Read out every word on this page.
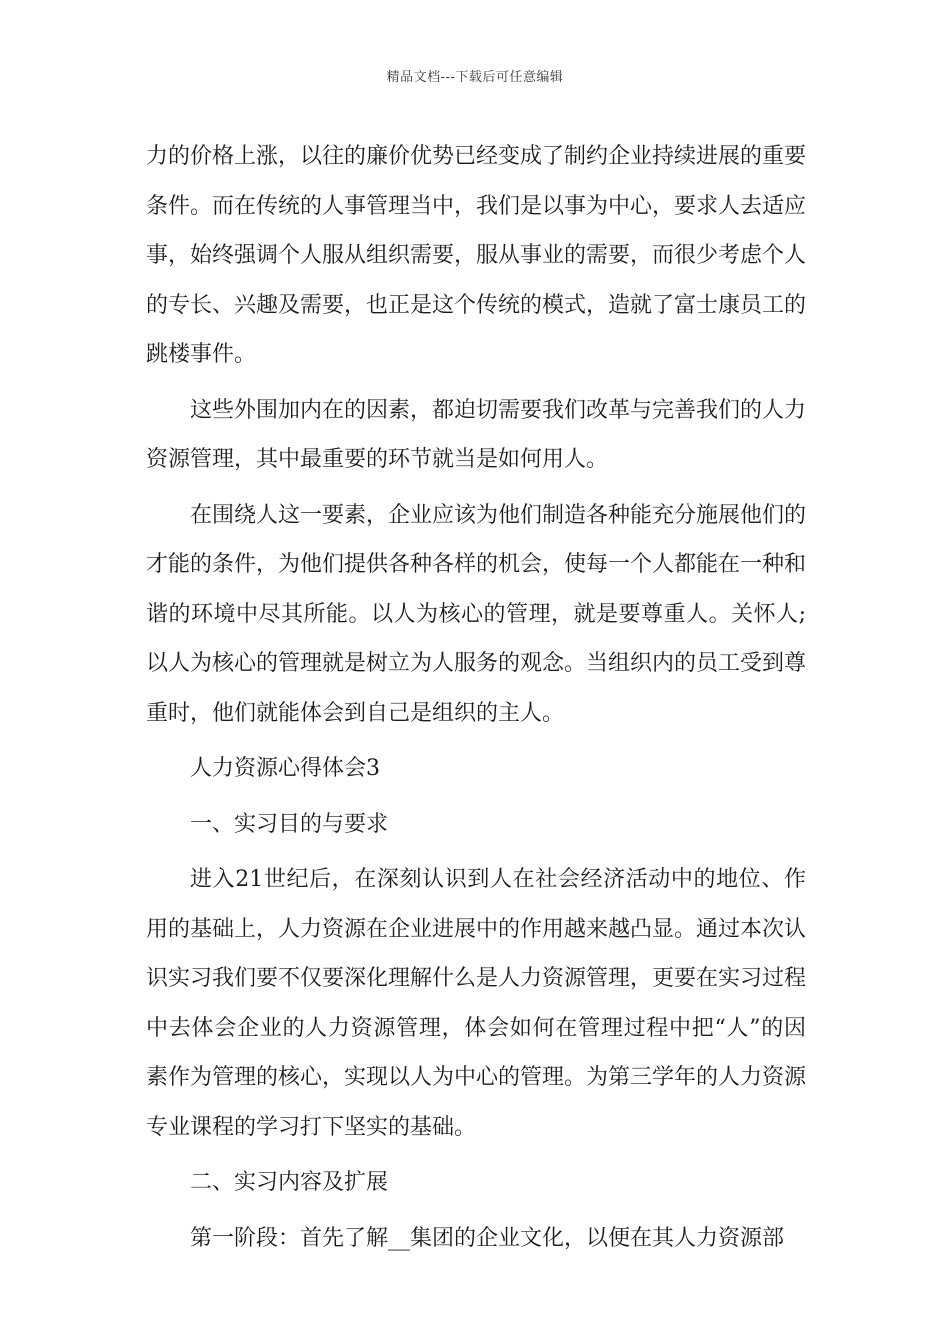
精品文档---下载后可任意编辑

力的价格上涨，以往的廉价优势已经变成了制约企业持续进展的重要条件。而在传统的人事管理当中，我们是以事为中心，要求人去适应事，始终强调个人服从组织需要，服从事业的需要，而很少考虑个人的专长、兴趣及需要，也正是这个传统的模式，造就了富士康员工的跳楼事件。

这些外围加内在的因素，都迫切需要我们改革与完善我们的人力资源管理，其中最重要的环节就当是如何用人。

在围绕人这一要素，企业应该为他们制造各种能充分施展他们的才能的条件，为他们提供各种各样的机会，使每一个人都能在一种和谐的环境中尽其所能。以人为核心的管理，就是要尊重人。关怀人;以人为核心的管理就是树立为人服务的观念。当组织内的员工受到尊重时，他们就能体会到自己是组织的主人。

人力资源心得体会3

一、实习目的与要求

进入21世纪后，在深刻认识到人在社会经济活动中的地位、作用的基础上，人力资源在企业进展中的作用越来越凸显。通过本次认识实习我们要不仅要深化理解什么是人力资源管理，更要在实习过程中去体会企业的人力资源管理，体会如何在管理过程中把“人”的因素作为管理的核心，实现以人为中心的管理。为第三学年的人力资源专业课程的学习打下坚实的基础。

二、实习内容及扩展

第一阶段：首先了解__集团的企业文化，以便在其人力资源部
